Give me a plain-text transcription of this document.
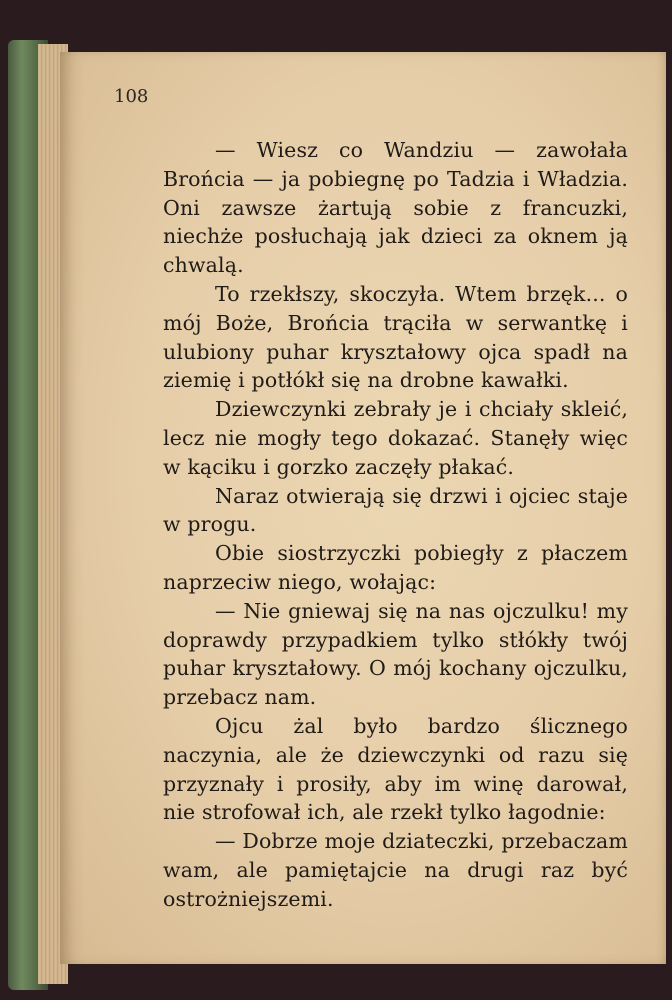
108

— Wiesz co Wandziu — zawołała Brońcia — ja pobiegnę po Tadzia i Władzia. Oni zawsze żartują sobie z francuzki, niechże posłuchają jak dzieci za oknem ją chwalą.

To rzekłszy, skoczyła. Wtem brzęk... o mój Boże, Brońcia trąciła w serwantkę i ulubiony puhar kryształowy ojca spadł na ziemię i potłókł się na drobne kawałki.

Dziewczynki zebrały je i chciały skleić, lecz nie mogły tego dokazać. Stanęły więc w kąciku i gorzko zaczęły płakać.

Naraz otwierają się drzwi i ojciec staje w progu.

Obie siostrzyczki pobiegły z płaczem naprzeciw niego, wołając:

— Nie gniewaj się na nas ojczulku! my doprawdy przypadkiem tylko stłókły twój puhar kryształowy. O mój kochany ojczulku, przebacz nam.

Ojcu żal było bardzo ślicznego naczynia, ale że dziewczynki od razu się przyznały i prosiły, aby im winę darował, nie strofował ich, ale rzekł tylko łagodnie:

— Dobrze moje dziateczki, przebaczam wam, ale pamiętajcie na drugi raz być ostrożniejszemi.
